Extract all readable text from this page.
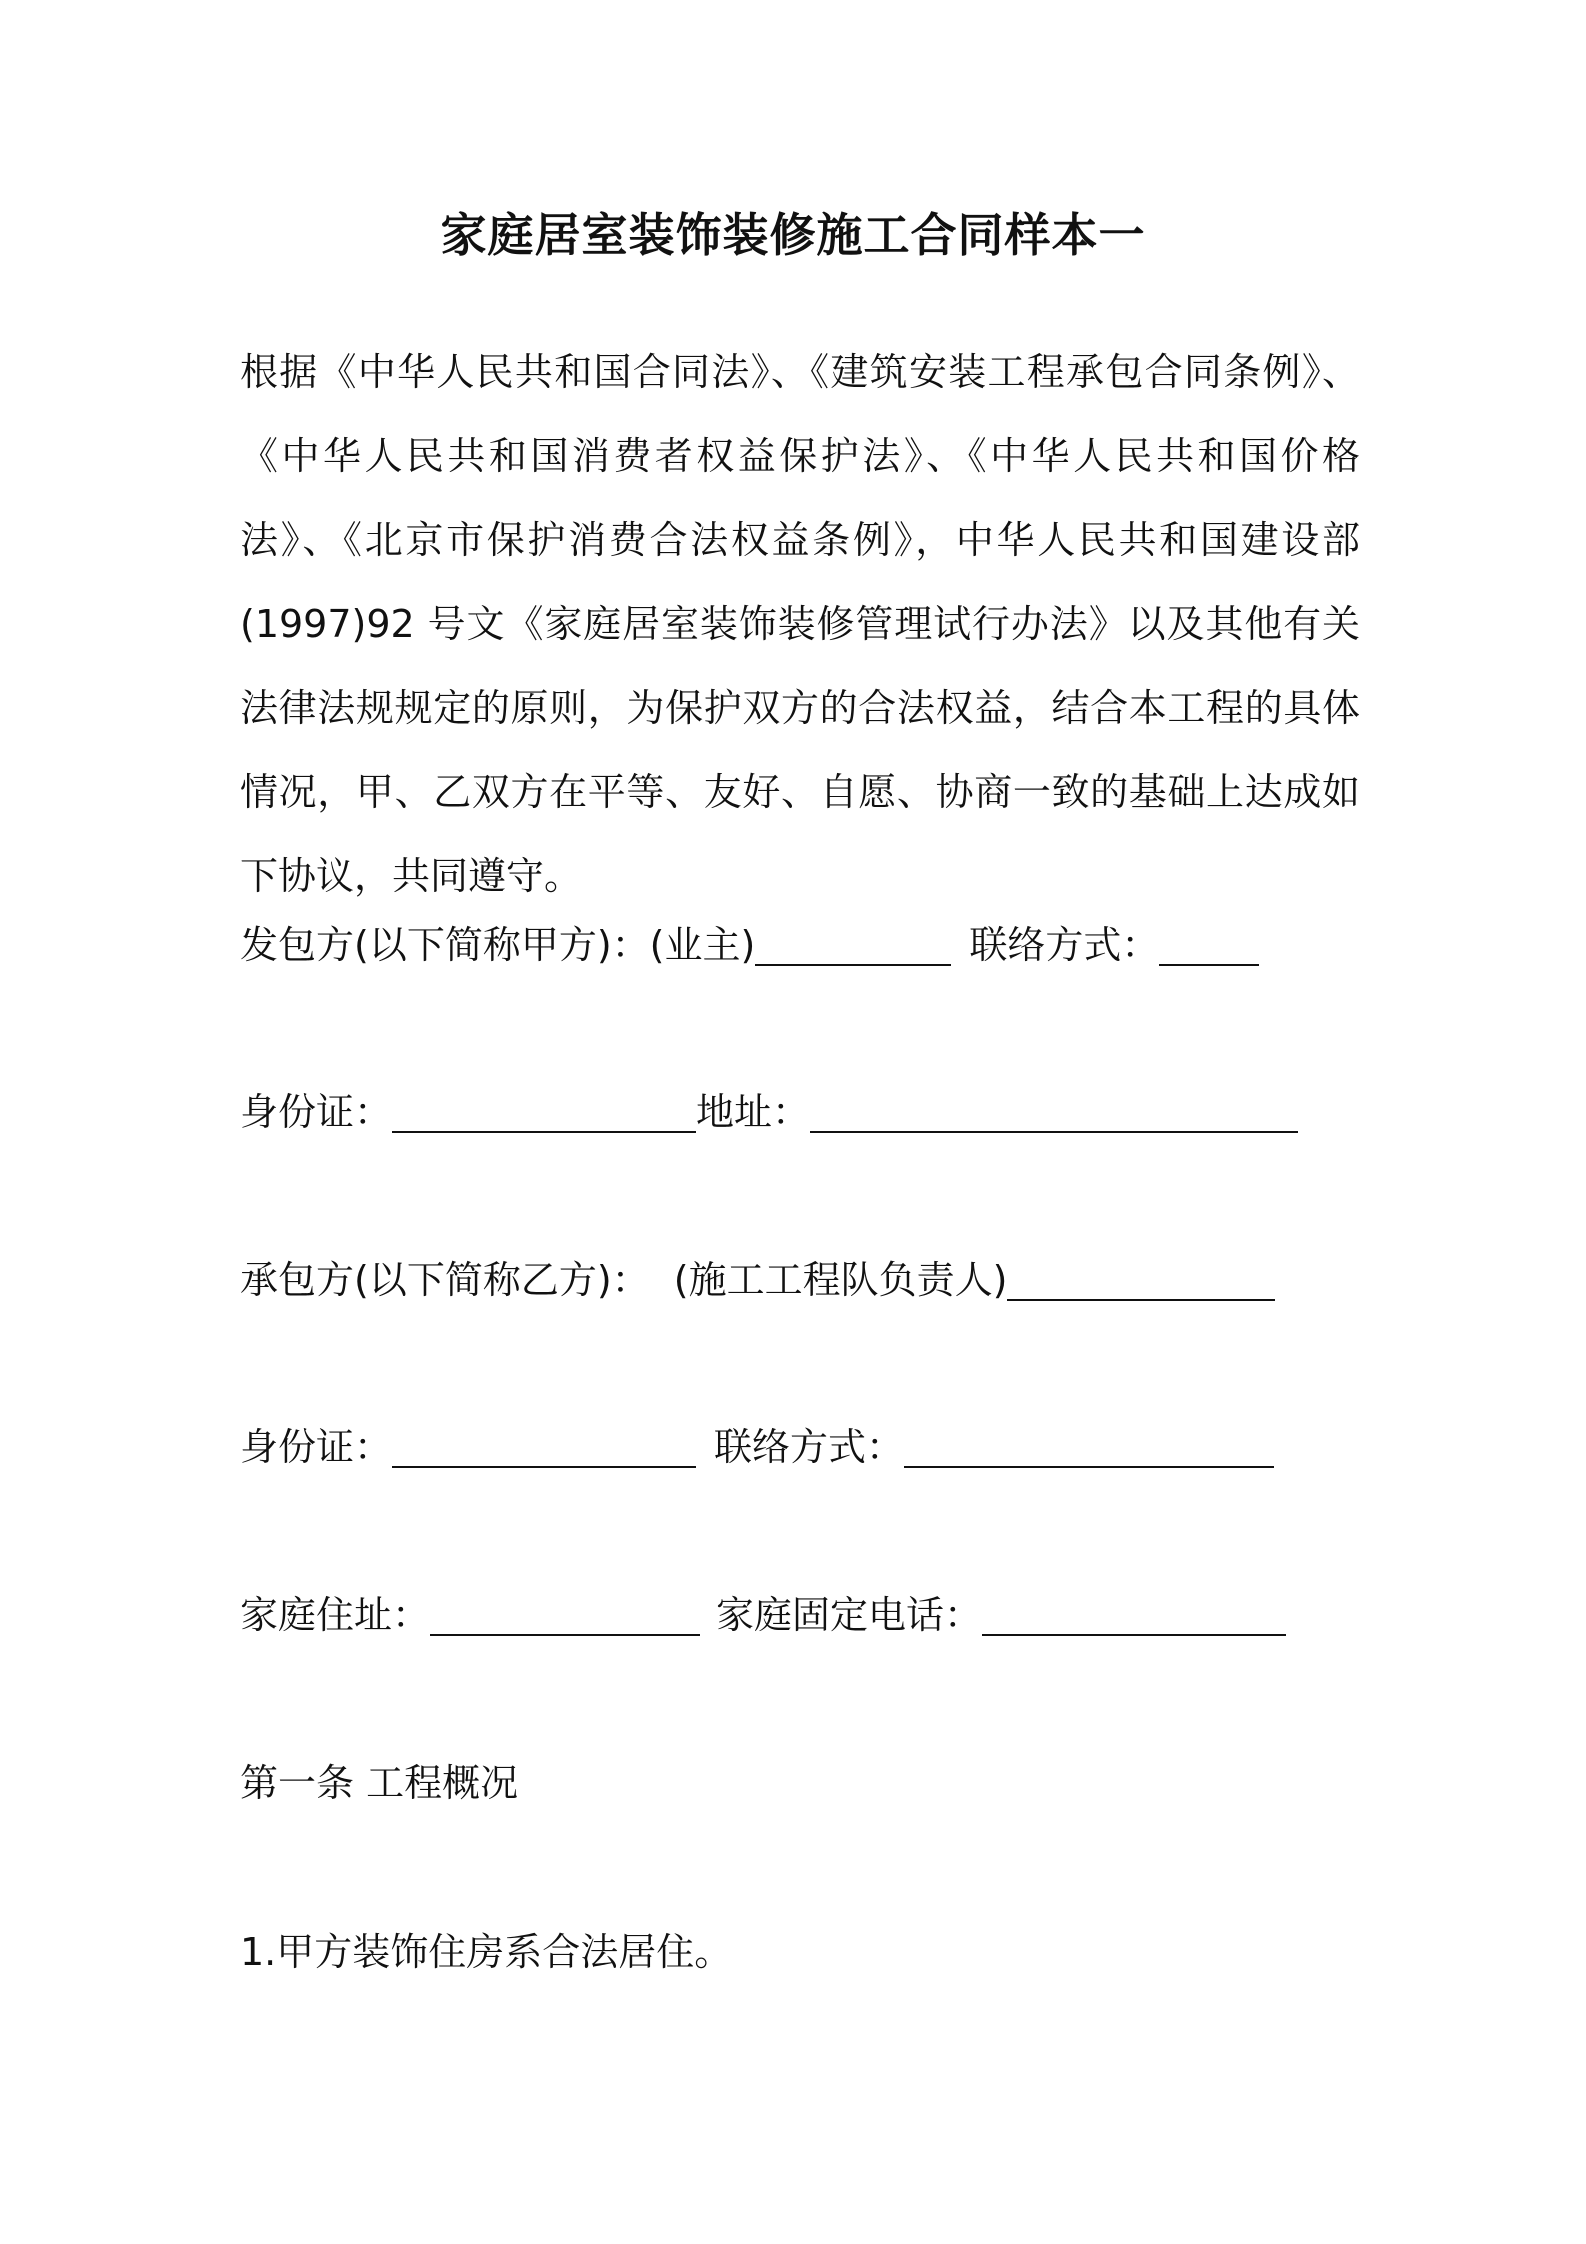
家庭居室装饰装修施工合同样本一
根据《中华人民共和国合同法》、《建筑安装工程承包合同条例》、《中华人民共和国消费者权益保护法》、《中华人民共和国价格法》、《北京市保护消费合法权益条例》，中华人民共和国建设部(1997)92 号文《家庭居室装饰装修管理试行办法》以及其他有关法律法规规定的原则，为保护双方的合法权益，结合本工程的具体情况，甲、乙双方在平等、友好、自愿、协商一致的基础上达成如下协议，共同遵守。
发包方(以下简称甲方)：(业主)	联络方式：
身份证：	地址：
承包方(以下简称乙方)：  (施工工程队负责人)
身份证：	联络方式：
家庭住址：	家庭固定电话：
第一条 工程概况
1.甲方装饰住房系合法居住。
